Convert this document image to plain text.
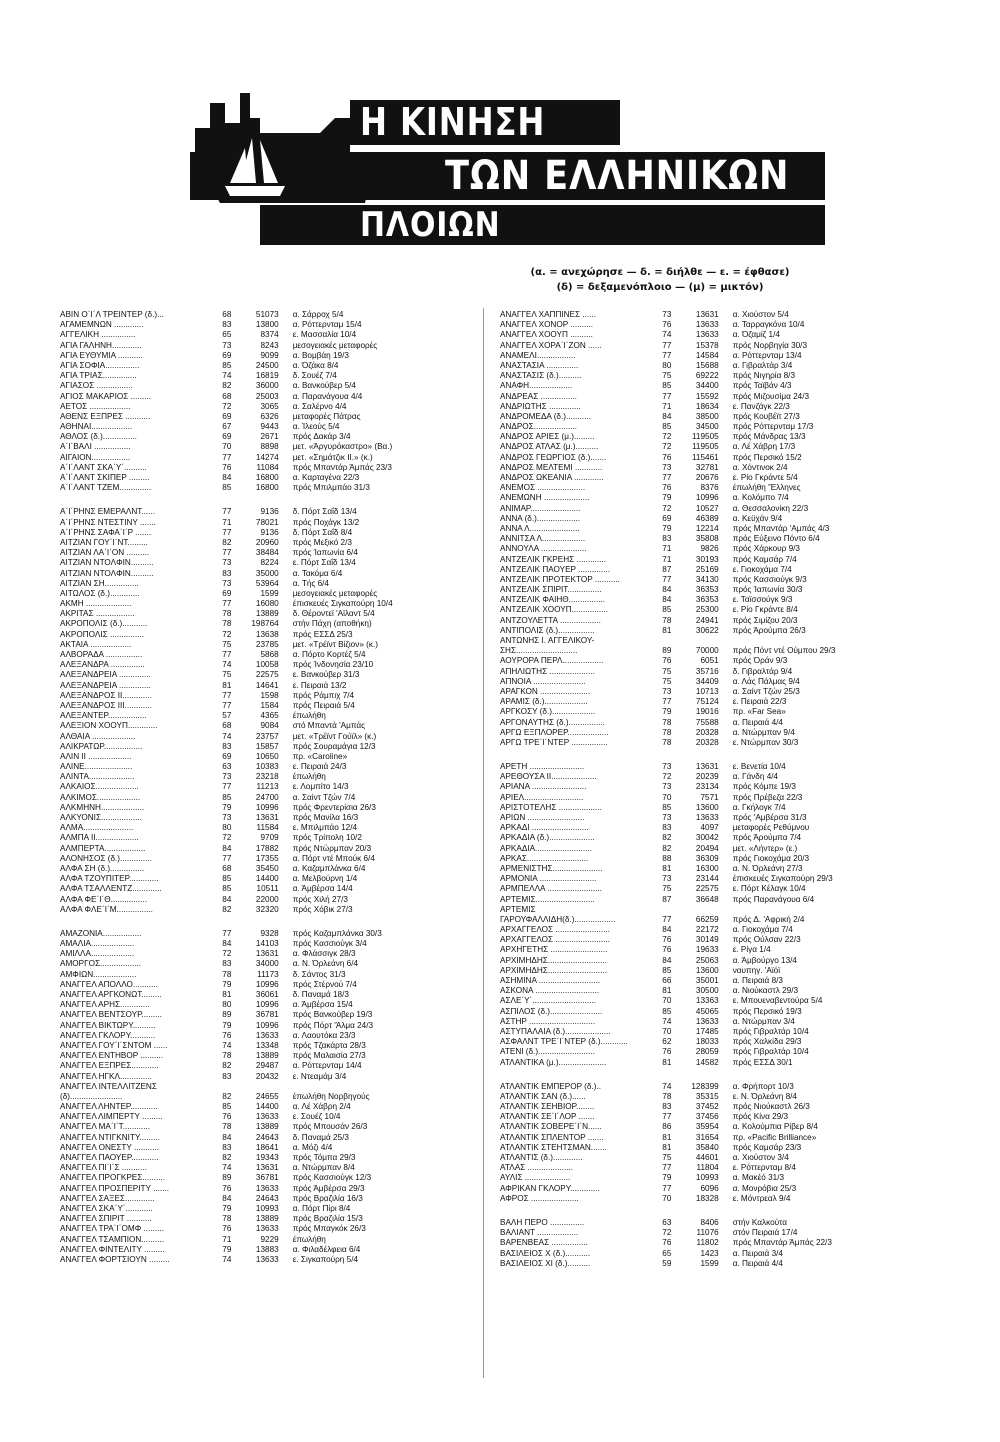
Η ΚΙΝΗΣΗ
ΤΩΝ ΕΛΛΗΝΙΚΩΝ
ΠΛΟΙΩΝ
(α. = ανεχώρησε — δ. = διήλθε — ε. = έφθασε)
(δ) = δεξαμενόπλοιο — (μ) = μικτόν)
ΑΒΙΝ Ο΄Ι΄Λ ΤΡΕΙΝΤΕΡ (δ.)...	68	51073 α. Σάρροχ 5/4
ΑΓΑΜΕΜΝΩΝ .............	83	13800 α. Ρόττερνταμ 15/4
ΑΓΓΕΛΙΚΗ ...............	65	8374 ε. Μασσαλία 10/4
ΑΓΙΑ ΓΑΛΗΝΗ.............	73	8243 μεσογειακές μεταφορές
ΑΓΙΑ ΕΥΘΥΜΙΑ ...........	69	9099 α. Βομβάη 19/3
ΑΓΙΑ ΣΟΦΙΑ...............	85	24500 α. Όζάκα 8/4
ΑΓΙΑ ΤΡΙΑΣ...............	74	16819 δ. Σουέζ 7/4
ΑΓΙΑΣΟΣ ................	82	36000 α. Βανκούβερ 5/4
ΑΓΙΟΣ ΜΑΚΑΡΙΟΣ .........	68	25003 α. Παρανάγουα 4/4
ΑΕΤΟΣ ..................	72	3065 α. Σαλέρνο 4/4
ΑΘΕΝΣ ΕΞΠΡΕΣ ...........	69	6326 μεταφορές Πάτρας
ΑΘΗΝΑΙ..................	67	9443 α. Ίλεούς 5/4
ΑΘΛΟΣ (δ.)...............	69	2671 πρός Δακάρ 3/4
Α΄Ι΄ΒΑΛΙ ................	70	8898 μετ. «Άργυρόκαστρο» (Βα.)
ΑΙΓΑΙΟΝ.................	77	14274 μετ. «Σημάτζικ ΙΙ.» (κ.)
Α΄Ι΄ΛΑΝΤ ΣΚΑ΄Υ΄..........	76	11084 πρός Μπαντάρ Άμπάς 23/3
Α΄Ι΄ΛΑΝΤ ΣΚΙΠΕΡ .........	84	16800 α. Καρταγένα 22/3
Α΄Ι΄ΛΑΝΤ ΤΖΕΜ..............	85	16800 πρός Μπιλμπάο 31/3
Α΄Ι΄ΡΗΝΣ ΕΜΕΡΑΛΝΤ......	77	9136 δ. Πόρτ Σαΐδ 13/4
Α΄Ι΄ΡΗΝΣ ΝΤΕΣΤΙΝΥ .......	71	78021 πρός Ποχάγκ 13/2
Α΄Ι΄ΡΗΝΣ ΣΑΦΑ΄Ι΄Ρ .......	77	9136 δ. Πόρτ Σαΐδ 8/4
ΑΙΤΖΙΑΝ ΓΟΥ΄Ι΄ΝΤ.........	82	20960 πρός Μεξικό 2/3
ΑΙΤΖΙΑΝ ΛΑ΄Ι΄ΟΝ ..........	77	38484 πρός Ίαπωνία 6/4
ΑΙΤΖΙΑΝ ΝΤΟΛΦΙΝ..........	73	8224 ε. Πόρτ Σαΐδ 13/4
ΑΙΤΖΙΑΝ ΝΤΟΛΦΙΝ..........	83	35000 α. Τακόμα 6/4
ΑΙΤΖΙΑΝ ΣΗ...............	73	53964 α. Τής 6/4
ΑΙΤΩΛΟΣ (δ.).............	69	1599 μεσογειακές μεταφορές
ΑΚΜΗ ....................	77	16080 έπισκευές Σιγκαπούρη 10/4
ΑΚΡΙΤΑΣ .................	78	13889 δ. Θέροντεϊ 'Αϊλαντ 5/4
ΑΚΡΟΠΟΛΙΣ (δ.)...........	78	198764 στήν Πάχη (αποθήκη)
ΑΚΡΟΠΟΛΙΣ ...............	72	13638 πρός ΕΣΣΔ 25/3
ΑΚΤΑΙΑ ..................	75	23785 μετ. «Τρέϊντ Βίζιον» (κ.)
ΑΛΒΟΡΑΔΑ ................	77	5868 α. Πόρτο Κορτέζ 5/4
ΑΛΕΞΑΝΔΡΑ ...............	74	10058 πρός Ίνδονησία 23/10
ΑΛΕΞΑΝΔΡΕΙΑ ..............	75	22575 ε. Βανκούβερ 31/3
ΑΛΕΞΑΝΔΡΕΙΑ ..............	81	14641 ε. Πειραιά 13/2
ΑΛΕΞΑΝΔΡΟΣ ΙΙ.............	77	1598 πρός Ράμπιχ 7/4
ΑΛΕΞΑΝΔΡΟΣ ΙΙΙ............	77	1584 πρός Πειραιά 5/4
ΑΛΕΞΑΝΤΕΡ.................	57	4365 έπωλήθη
ΑΛΕΞΙΟΝ ΧΟΟΥΠ.............	68	9084 στό Μπαντά 'Αμπάς
ΑΛΘΑΙΑ ...................	74	23757 μετ. «Τρέϊντ Γούϊλ» (κ.)
ΑΛΙΚΡΑΤΩΡ.................	83	15857 πρός Σουραμάγια 12/3
ΑΛΙΝ ΙΙ ...................	69	10650 πρ. «Caroline»
ΑΛΙΝΕ.....................	63	10383 ε. Πειραιά 24/3
ΑΛΙΝΤΑ....................	73	23218 έπωλήθη
ΑΛΚΑΙΟΣ...................	77	11213 ε. Λομπίτο 14/3
ΑΛΚΙΜΟΣ...................	85	24700 α. Σαίντ Τζών 7/4
ΑΛΚΜΗΝΗ...................	79	10996 πρός Φρεντερίσια 26/3
ΑΛΚΥΟΝΙΣ..................	73	13631 πρός Μανίλα 16/3
ΑΛΜΑ......................	80	11584 ε. Μπιλμπάο 12/4
ΑΛΜΠΑ ΙΙ...................	72	9709 πρός Τρίπολη 10/2
ΑΛΜΠΕΡΤΑ..................	84	17882 πρός Ντώρμπαν 20/3
ΑΛΟΝΗΣΟΣ (δ.)..............	77	17355 α. Πόρτ ντέ Μπούκ 6/4
ΑΛΦΑ ΣΗ (δ.)...............	68	35450 α. Καζαμπλάνκα 6/4
ΑΛΦΑ ΤΖΟΥΠΙΤΕΡ.............	85	14400 α. Μελβούρνη 1/4
ΑΛΦΑ ΤΣΑΛΛΕΝΤΖ.............	85	10511 α. Άμβέρσα 14/4
ΑΛΦΑ ΦΕ΄Ι΄Θ................	84	22000 πρός Χιλή 27/3
ΑΛΦΑ ΦΛΕ΄Ι΄Μ................	82	32320 πρός Χόβικ 27/3
ΑΜΑΖΟΝΙΑ.................	77	9328 πρός Καζαμπλάνκα 30/3
ΑΜΑΛΙΑ...................	84	14103 πρός Κασσιούγκ 3/4
ΑΜΙΛΛΑ...................	72	13631 α. Φλάσσιγκ 28/3
ΑΜΟΡΓΟΣ..................	83	34000 α. Ν. Όρλεάνη 6/4
ΑΜΦΙΩΝ...................	78	11173 δ. Σάντος 31/3
ΑΝΑΓΓΕΛ ΑΠΟΛΛΟ...........	79	10996 πρός Στέρνού 7/4
ΑΝΑΓΓΕΛ ΑΡΓΚΟΝΩΤ.........	81	36061 δ. Παναμά 18/3
ΑΝΑΓΓΕΛ ΑΡΗΣ.............	80	10996 α. Άμβέρσα 15/4
ΑΝΑΓΓΕΛ ΒΕΝΤΣΟΥΡ.........	89	36781 πρός Βανκούβερ 19/3
ΑΝΑΓΓΕΛ ΒΙΚΤΩΡΥ..........	79	10996 πρός Πόρτ 'Άλμα 24/3
ΑΝΑΓΓΕΛ ΓΚΛΟΡΥ...........	76	13633 α. Λαουτόκα 23/3
ΑΝΑΓΓΕΛ ΓΟΥ΄Ι΄ΣΝΤΟΜ ......	74	13348 πρός Τζακάρτα 28/3
ΑΝΑΓΓΕΛ ΕΝΤΗΒΟΡ ..........	78	13889 πρός Μαλαισία 27/3
ΑΝΑΓΓΕΛ ΕΞΠΡΕΣ............	82	29487 α. Ρόττερνταμ 14/4
ΑΝΑΓΓΕΛ ΗΓΚΛ..............	83	20432 ε. Ντεαμάμ 3/4
ΑΝΑΓΓΕΛ ΙΝΤΕΛΛΙΤΖΕΝΣ
(δ).......................	82	24655 έπωλήθη Νορβηγούς
ΑΝΑΓΓΕΛ ΛΗΝΤΕΡ............	85	14400 α. Λέ Χάβρη 2/4
ΑΝΑΓΓΕΛ ΛΙΜΠΕΡΤΥ .........	76	13633 ε. Σουέζ 10/4
ΑΝΑΓΓΕΛ ΜΑ΄Ι΄Τ............	78	13889 πρός Μπουσάν 26/3
ΑΝΑΓΓΕΛ ΝΤΙΓΚΝΙΤΥ.........	84	24643 δ. Παναμά 25/3
ΑΝΑΓΓΕΛ ΟΝΕΣΤΥ ...........	83	18641 α. Μόζι 4/4
ΑΝΑΓΓΕΛ ΠΑΟΥΕΡ............	82	19343 πρός Τόμπα 29/3
ΑΝΑΓΓΕΛ ΠΙ΄Ι΄Σ ...........	74	13631 α. Ντώρμπαν 8/4
ΑΝΑΓΓΕΛ ΠΡΟΓΚΡΕΣ..........	89	36781 πρός Κασσιούγκ 12/3
ΑΝΑΓΓΕΛ ΠΡΟΣΠΕΡΙΤΥ .......	76	13633 πρός Άμβέρσα 29/3
ΑΝΑΓΓΕΛ ΣΑΞΕΣ.............	84	24643 πρός Βραζιλία 16/3
ΑΝΑΓΓΕΛ ΣΚΑ΄Υ΄............	79	10993 α. Πόρτ Πίρι 8/4
ΑΝΑΓΓΕΛ ΣΠΙΡΙΤ ...........	78	13889 πρός Βραζιλία 15/3
ΑΝΑΓΓΕΛ ΤΡΑ΄Ι΄ΟΜΦ .........	76	13633 πρός Μπαγκόκ 26/3
ΑΝΑΓΓΕΛ ΤΣΑΜΠΙΟΝ..........	71	9229 έπωλήθη
ΑΝΑΓΓΕΛ ΦΙΝΤΕΛΙΤΥ .........	79	13883 α. Φιλαδέλφεια 6/4
ΑΝΑΓΓΕΛ ΦΟΡΤΣΙΟΥΝ .........	74	13633 ε. Σιγκαπούρη 5/4
ΑΝΑΓΓΕΛ ΧΑΠΠΙΝΕΣ ......	73	13631 α. Χιούστον 5/4
ΑΝΑΓΓΕΛ ΧΟΝΟΡ ..........	76	13633 α. Ταρραγκόνα 10/4
ΑΝΑΓΓΕΛ ΧΟΟΥΠ ..........	74	13633 α. Όζαμίζ 1/4
ΑΝΑΓΓΕΛ ΧΟΡΑ΄Ι΄ΖΟΝ ......	77	15378 πρός Νορβηγία 30/3
ΑΝΑΜΕΛΙ.................	77	14584 α. Ρόττερνταμ 13/4
ΑΝΑΣΤΑΣΙΑ ..............	80	15688 α. Γιβραλτάρ 3/4
ΑΝΑΣΤΑΣΙΣ (δ.)..........	75	69222 πρός Νιγηρία 8/3
ΑΝΑΦΗ...................	85	34400 πρός Ταϊβάν 4/3
ΑΝΔΡΕΑΣ ................	77	15592 πρός Μιζουσίμα 24/3
ΑΝΔΡΙΩΤΗΣ ..............	71	18634 ε. Πανζάγκ 22/3
ΑΝΔΡΟΜΕΔΑ (δ.)...........	84	38500 πρός Κουβέϊτ 27/3
ΑΝΔΡΟΣ...................	85	34500 πρός Ρόττερνταμ 17/3
ΑΝΔΡΟΣ ΑΡΙΕΣ (μ.).........	72	119505 πρός Μάνδρας 13/3
ΑΝΔΡΟΣ ΑΤΛΑΣ (μ.)..........	72	119505 α. Λέ Χάβρη 17/3
ΑΝΔΡΟΣ ΓΕΩΡΓΙΟΣ (δ.).......	76	115461 πρός Περσικό 15/2
ΑΝΔΡΟΣ ΜΕΛΤΕΜΙ ............	73	32781 α. Χόντινοκ 2/4
ΑΝΔΡΟΣ ΩΚΕΑΝΙΑ .............	77	20676 ε. Ρίο Γκράντε 5/4
ΑΝΕΜΟΣ .....................	76	8376 έπωλήθη 'Έλληνες
ΑΝΕΜΩΝΗ ....................	79	10996 α. Κολόμπο 7/4
ΑΝΙΜΑΡ......................	72	10527 α. Θεσσαλονίκη 22/3
ΑΝΝΑ (δ.)...................	69	46389 α. Κεϋχάν 9/4
ΑΝΝΑ Λ......................	79	12214 πρός Μπαντάρ 'Αμπάς 4/3
ΑΝΝΙΤΣΑ Λ...................	83	35808 πρός Εύξεινο Πόντο 6/4
ΑΝΝΟΥΛΑ ....................	71	9826 πρός Χάρκουρ 9/3
ΑΝΤΖΕΛΙΚ ΓΚΡΕΗΣ .............	71	30193 πρός Καμσάρ 7/4
ΑΝΤΖΕΛΙΚ ΠΑΟΥΕΡ ..............	87	25169 ε. Γιοκοχάμα 7/4
ΑΝΤΖΕΛΙΚ ΠΡΟΤΕΚΤΟΡ ...........	77	34130 πρός Κασσιούγκ 9/3
ΑΝΤΖΕΛΙΚ ΣΠΙΡΙΤ...............	84	36353 πρός Ίαπωνία 30/3
ΑΝΤΖΕΛΙΚ ΦΑΙΗΘ................	84	36353 ε. Ταϊσσούγκ 9/3
ΑΝΤΖΕΛΙΚ ΧΟΟΥΠ................	85	25300 ε. Ρίο Γκράντε 8/4
ΑΝΤΖΟΥΛΕΤΤΑ ..................	78	24941 πρός Σιμίζου 20/3
ΑΝΤΙΠΟΛΙΣ (δ.)................	81	30622 πρός Άρούμπα 26/3
ΑΝΤΩΝΗΣ Ι. ΑΓΓΕΛΙΚΟΥ-
ΣΗΣ...........................	89	70000 πρός Πόντ ντέ Ούμπου 29/3
ΑΟΥΡΟΡΑ ΠΕΡΛ..................	76	6051 πρός Όράν 9/3
ΑΠΗΛΙΩΤΗΣ ....................	75	35716 δ. Γιβραλτάρ 9/4
ΑΠΝΟΙΑ .......................	75	34409 α. Λάς Πάλμας 9/4
ΑΡΑΓΚΟΝ ......................	73	10713 α. Σαίντ Τζών 25/3
ΑΡΑΜΙΣ (δ.)...................	77	75124 ε. Πειραιά 22/3
ΑΡΓΚΟΣΥ (δ.)...................	79	19016 πρ. «Far Sea»
ΑΡΓΟΝΑΥΤΗΣ (δ.)................	78	75588 α. Πειραιά 4/4
ΑΡΓΩ ΕΞΠΛΟΡΕΡ..................	78	20328 α. Ντώρμπαν 9/4
ΑΡΓΩ ΤΡΕ΄Ι΄ΝΤΕΡ ................	78	20328 ε. Ντώρμπαν 30/3
ΑΡΕΤΗ ........................	73	13631 ε. Βενετία 10/4
ΑΡΕΘΟΥΣΑ ΙΙ....................	72	20239 α. Γάνδη 4/4
ΑΡΙΑΝΑ ........................	73	23134 πρός Κόμπε 19/3
ΑΡΙΕΛ..........................	70	7571 πρός Πρέβεζα 22/3
ΑΡΙΣΤΟΤΕΛΗΣ ...................	85	13600 α. Γκήλογκ 7/4
ΑΡΙΩΝ .........................	73	13633 πρός 'Αμβέρσα 31/3
ΑΡΚΑΔΙ .........................	83	4097 μεταφορές Ρεθύμνου
ΑΡΚΑΔΙΑ (δ.)....................	82	30042 πρός Άρούμπα 7/4
ΑΡΚΑΔΙΑ.........................	82	20494 μετ. «Λήντερ» (ε.)
ΑΡΚΑΣ...........................	88	36309 πρός Γιοκοχάμα 20/3
ΑΡΜΕΝΙΣΤΗΣ......................	81	16300 α. Ν. Όρλεάνη 27/3
ΑΡΜΟΝΙΑ .........................	73	23144 έπισκευές Σιγκαπούρη 29/3
ΑΡΜΠΕΛΛΑ ........................	75	22575 ε. Πόρτ Κέλαγκ 10/4
ΑΡΤΕΜΙΣ..........................	87	36648 πρός Παρανάγουα 6/4
ΑΡΤΕΜΙΣ
ΓΑΡΟΥΦΑΛΛΙΔΗ(δ.)..................	77	66259 πρός Δ. 'Αφρική 2/4
ΑΡΧΑΓΓΕΛΟΣ ........................	84	22172 α. Γιοκοχάμα 7/4
ΑΡΧΑΓΓΕΛΟΣ ........................	76	30149 πρός Ούλσαν 22/3
ΑΡΧΗΓΕΤΗΣ .........................	76	19633 ε. Ρίγα 1/4
ΑΡΧΙΜΗΔΗΣ..........................	84	25063 α. Άμβούργο 13/4
ΑΡΧΙΜΗΔΗΣ..........................	85	13600 ναυπηγ. 'Αϊόϊ
ΑΣΗΜΙΝΑ ...........................	66	35001 α. Πειραιά 8/3
ΑΣΚΟΝΑ ............................	81	30500 α. Νιούκαστλ 29/3
ΑΣΛΕ΄Υ΄............................	70	13363 ε. Μπουεναβεντούρα 5/4
ΑΣΠΙΛΟΣ (δ.).......................	85	45065 πρός Περσικό 19/3
ΑΣΤΗΡ .............................	74	13633 α. Ντώρμπαν 3/4
ΑΣΤΥΠΑΛΑΙΑ (δ.)....................	70	17485 πρός Γιβραλτάρ 10/4
ΑΣΦΑΛΝΤ ΤΡΕ΄Ι΄ΝΤΕΡ (δ.)............	62	18033 πρός Χαλκίδα 29/3
ΑΤΕΝΙ (δ.).........................	76	28059 πρός Γιβραλτάρ 10/4
ΑΤΛΑΝΤΙΚΑ (μ.).....................	81	14582 πρός ΕΣΣΔ 30/1
ΑΤΛΑΝΤΙΚ ΕΜΠΕΡΟΡ (δ.)..	74	128399 α. Φρήπορτ 10/3
ΑΤΛΑΝΤΙΚ ΣΑΝ (δ.)......	78	35315 ε. Ν. Όρλεάνη 8/4
ΑΤΛΑΝΤΙΚ ΣΕΗΒΙΟΡ........	83	37452 πρός Νιούκαστλ 26/3
ΑΤΛΑΝΤΙΚ ΣΕ΄Ι΄ΛΟΡ .......	77	37456 πρός Κίνα 29/3
ΑΤΛΑΝΤΙΚ ΣΟΒΕΡΕ΄Ι΄Ν......	86	35954 α. Κολούμπια Ρίβερ 8/4
ΑΤΛΑΝΤΙΚ ΣΠΛΕΝΤΟΡ .......	81	31654 πρ. «Pacific Brilliance»
ΑΤΛΑΝΤΙΚ ΣΤΕΗΤΣΜΑΝ.......	81	35840 πρός Καμσάρ 23/3
ΑΤΛΑΝΤΙΣ (δ.).............	75	44601 α. Χιούστον 3/4
ΑΤΛΑΣ ....................	77	11804 ε. Ρόττερνταμ 8/4
ΑΥΛΙΣ ....................	79	10993 α. Μακέό 31/3
ΑΦΡΙΚΑΝ ΓΚΛΟΡΥ.............	77	6096 α. Μονρόβια 25/3
ΑΦΡΟΣ .....................	70	18328 ε. Μόντρεαλ 9/4
ΒΑΛΗ ΠΕΡΟ ...............	63	8406 στήν Καλκούτα
ΒΑΛΙΑΝΤ ..................	72	11076 στόν Πειραιά 17/4
ΒΑΡΕΝΒΕΑΣ ................	76	11802 πρός Μπαντάρ Άμπάς 22/3
ΒΑΣΙΛΕΙΟΣ Χ (δ.)...........	65	1423 α. Πειραιά 3/4
ΒΑΣΙΛΕΙΟΣ ΧΙ (δ.)..........	59	1599 α. Πειραιά 4/4
